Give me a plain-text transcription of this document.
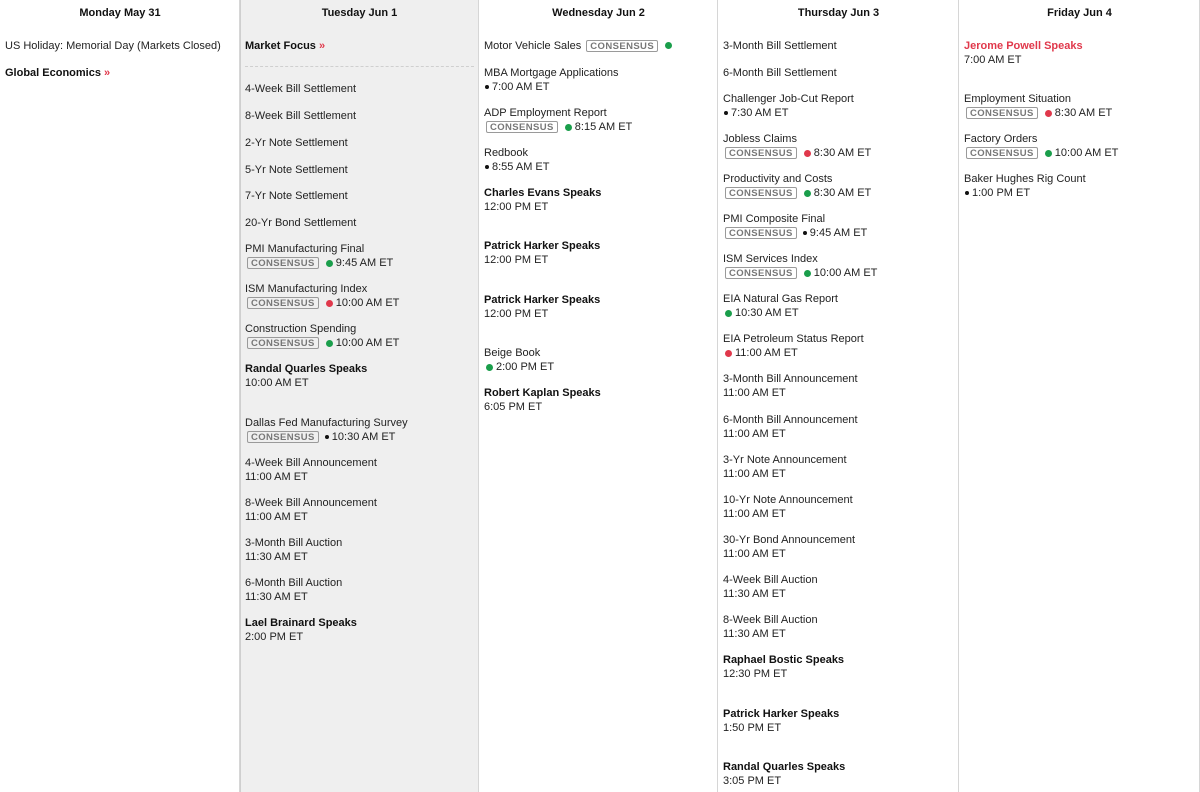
Monday May 31
US Holiday: Memorial Day (Markets Closed)
Global Economics »
Tuesday Jun 1
Market Focus »
4-Week Bill Settlement
8-Week Bill Settlement
2-Yr Note Settlement
5-Yr Note Settlement
7-Yr Note Settlement
20-Yr Bond Settlement
PMI Manufacturing Final
CONSENSUS	9:45 AM ET
ISM Manufacturing Index
CONSENSUS	10:00 AM ET
Construction Spending
CONSENSUS	10:00 AM ET
Randal Quarles Speaks
10:00 AM ET
Dallas Fed Manufacturing Survey
CONSENSUS	10:30 AM ET
4-Week Bill Announcement
11:00 AM ET
8-Week Bill Announcement
11:00 AM ET
3-Month Bill Auction
11:30 AM ET
6-Month Bill Auction
11:30 AM ET
Lael Brainard Speaks
2:00 PM ET
Wednesday Jun 2
Motor Vehicle Sales CONSENSUS
MBA Mortgage Applications
7:00 AM ET
ADP Employment Report
CONSENSUS	8:15 AM ET
Redbook
8:55 AM ET
Charles Evans Speaks
12:00 PM ET
Patrick Harker Speaks
12:00 PM ET
Patrick Harker Speaks
12:00 PM ET
Beige Book
2:00 PM ET
Robert Kaplan Speaks
6:05 PM ET
Thursday Jun 3
3-Month Bill Settlement
6-Month Bill Settlement
Challenger Job-Cut Report
7:30 AM ET
Jobless Claims
CONSENSUS	8:30 AM ET
Productivity and Costs
CONSENSUS	8:30 AM ET
PMI Composite Final
CONSENSUS	9:45 AM ET
ISM Services Index
CONSENSUS	10:00 AM ET
EIA Natural Gas Report
10:30 AM ET
EIA Petroleum Status Report
11:00 AM ET
3-Month Bill Announcement
11:00 AM ET
6-Month Bill Announcement
11:00 AM ET
3-Yr Note Announcement
11:00 AM ET
10-Yr Note Announcement
11:00 AM ET
30-Yr Bond Announcement
11:00 AM ET
4-Week Bill Auction
11:30 AM ET
8-Week Bill Auction
11:30 AM ET
Raphael Bostic Speaks
12:30 PM ET
Patrick Harker Speaks
1:50 PM ET
Randal Quarles Speaks
3:05 PM ET
Friday Jun 4
Jerome Powell Speaks
7:00 AM ET
Employment Situation
CONSENSUS	8:30 AM ET
Factory Orders
CONSENSUS	10:00 AM ET
Baker Hughes Rig Count
1:00 PM ET
